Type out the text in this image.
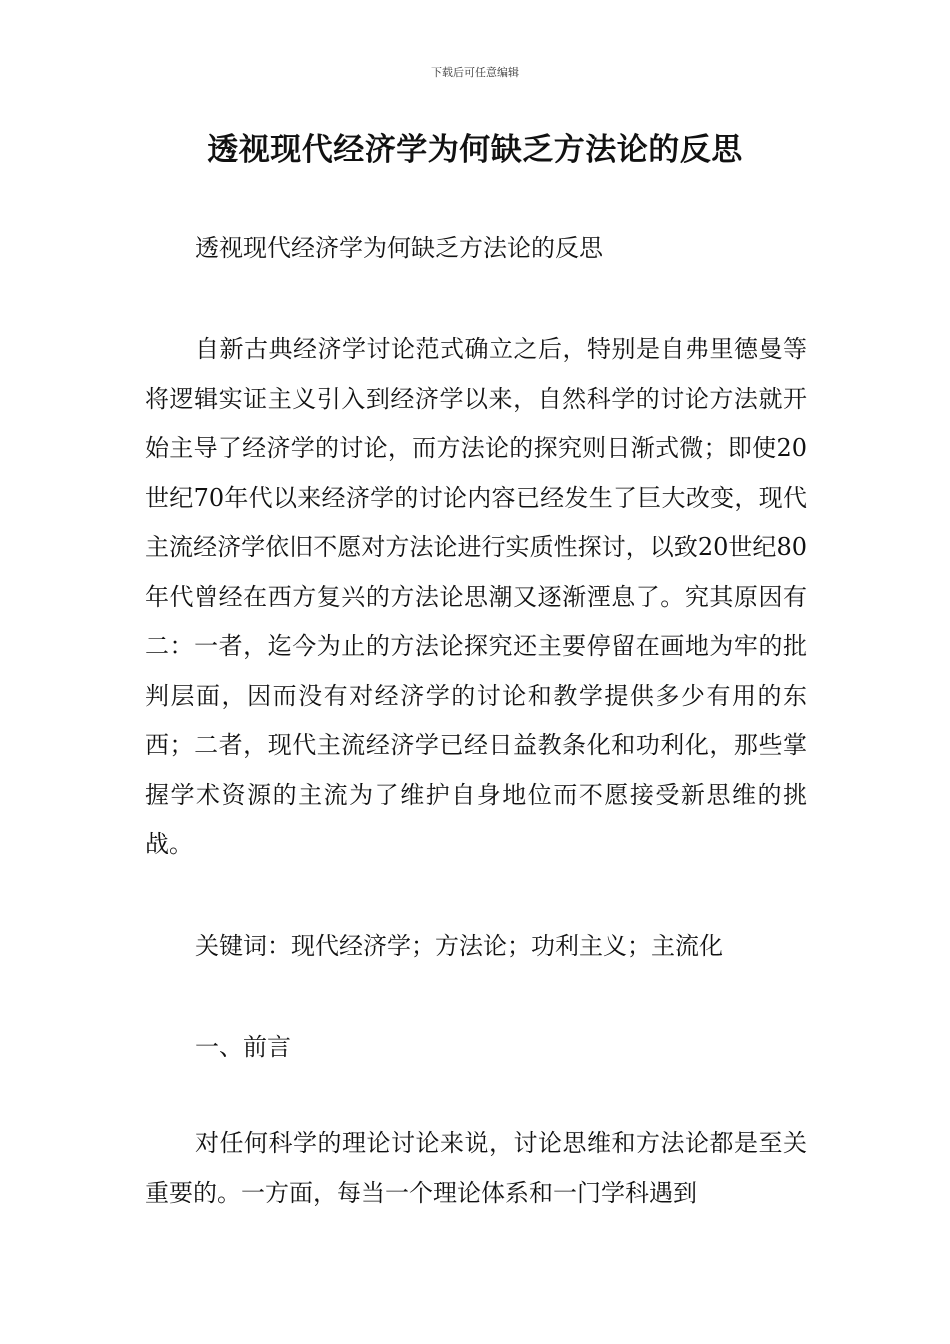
下载后可任意编辑
透视现代经济学为何缺乏方法论的反思

透视现代经济学为何缺乏方法论的反思

自新古典经济学讨论范式确立之后，特别是自弗里德曼等将逻辑实证主义引入到经济学以来，自然科学的讨论方法就开始主导了经济学的讨论，而方法论的探究则日渐式微；即使20世纪70年代以来经济学的讨论内容已经发生了巨大改变，现代主流经济学依旧不愿对方法论进行实质性探讨，以致20世纪80年代曾经在西方复兴的方法论思潮又逐渐湮息了。究其原因有二：一者，迄今为止的方法论探究还主要停留在画地为牢的批判层面，因而没有对经济学的讨论和教学提供多少有用的东西；二者，现代主流经济学已经日益教条化和功利化，那些掌握学术资源的主流为了维护自身地位而不愿接受新思维的挑战。

关键词：现代经济学；方法论；功利主义；主流化

一、前言

对任何科学的理论讨论来说，讨论思维和方法论都是至关重要的。一方面，每当一个理论体系和一门学科遇到
